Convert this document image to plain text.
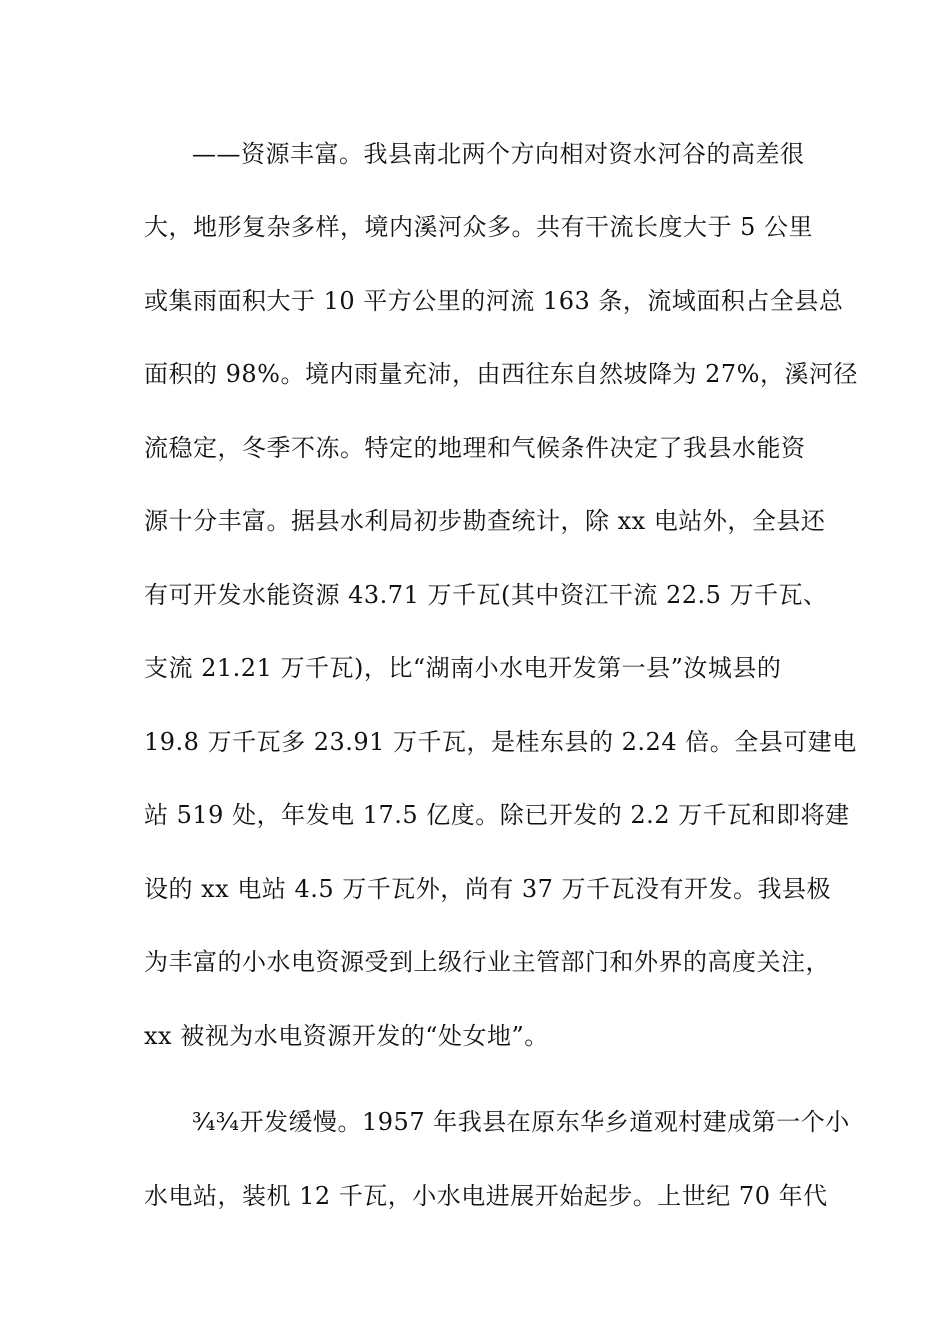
——资源丰富。我县南北两个方向相对资水河谷的高差很
大，地形复杂多样，境内溪河众多。共有干流长度大于 5 公里
或集雨面积大于 10 平方公里的河流 163 条，流域面积占全县总
面积的 98%。境内雨量充沛，由西往东自然坡降为 27%，溪河径
流稳定，冬季不冻。特定的地理和气候条件决定了我县水能资
源十分丰富。据县水利局初步勘查统计，除 xx 电站外，全县还
有可开发水能资源 43.71 万千瓦(其中资江干流 22.5 万千瓦、
支流 21.21 万千瓦)，比“湖南小水电开发第一县”汝城县的
19.8 万千瓦多 23.91 万千瓦，是桂东县的 2.24 倍。全县可建电
站 519 处，年发电 17.5 亿度。除已开发的 2.2 万千瓦和即将建
设的 xx 电站 4.5 万千瓦外，尚有 37 万千瓦没有开发。我县极
为丰富的小水电资源受到上级行业主管部门和外界的高度关注，
xx 被视为水电资源开发的“处女地”。
¾¾开发缓慢。1957 年我县在原东华乡道观村建成第一个小
水电站，装机 12 千瓦，小水电进展开始起步。上世纪 70 年代
